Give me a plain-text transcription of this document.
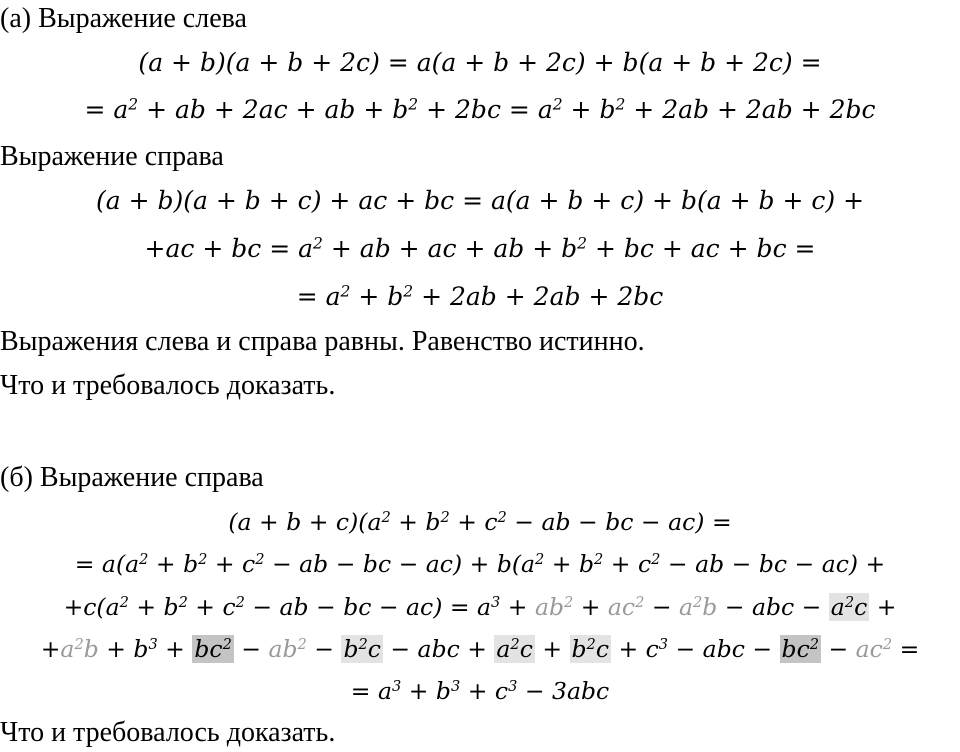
(а) Выражение слева

(a + b)(a + b + 2c) = a(a + b + 2c) + b(a + b + 2c) =

= $a^2$ + ab + 2ac + ab + $b^2 + 2bc = a^2 + b^2 + 2ab + 2ab + 2bc$

Выражение справа

(a + b)(a + b + c) + ac + bc = a(a + b + c) + b(a + b + c) +

+ac + bc = $a^2$ + ab + ac + ab + $b^2$ + bc + ac + bc =

= $a^2 + b^2 + 2ab + 2ab + 2bc$

Выражения слева и справа равны. Равенство истинно.

Что и требовалось доказать.

(б) Выражение справа

$(a + b + c)(a^2 + b^2 + c^2$ − ab − bc − ac) =

= $a(a^2 + b^2 + c^2$ − ab − bc − $ac) + b(a^2 + b^2 + c^2$ − ab − bc − ac) +

$+c(a^2 + b^2 + c^2$ − ab − bc − $ac) = a^3 + ab^2 + ac^2 - a^2b$ − abc − $a^2c$ +

$+a^2b + b^3 + bc^2 - ab^2 - b^2c$ − abc + $a^2c + b^2c + c^3$ − abc − $bc^2 - ac^2$ =

= $a^3 + b^3 + c^3 - 3abc$

Что и требовалось доказать.
